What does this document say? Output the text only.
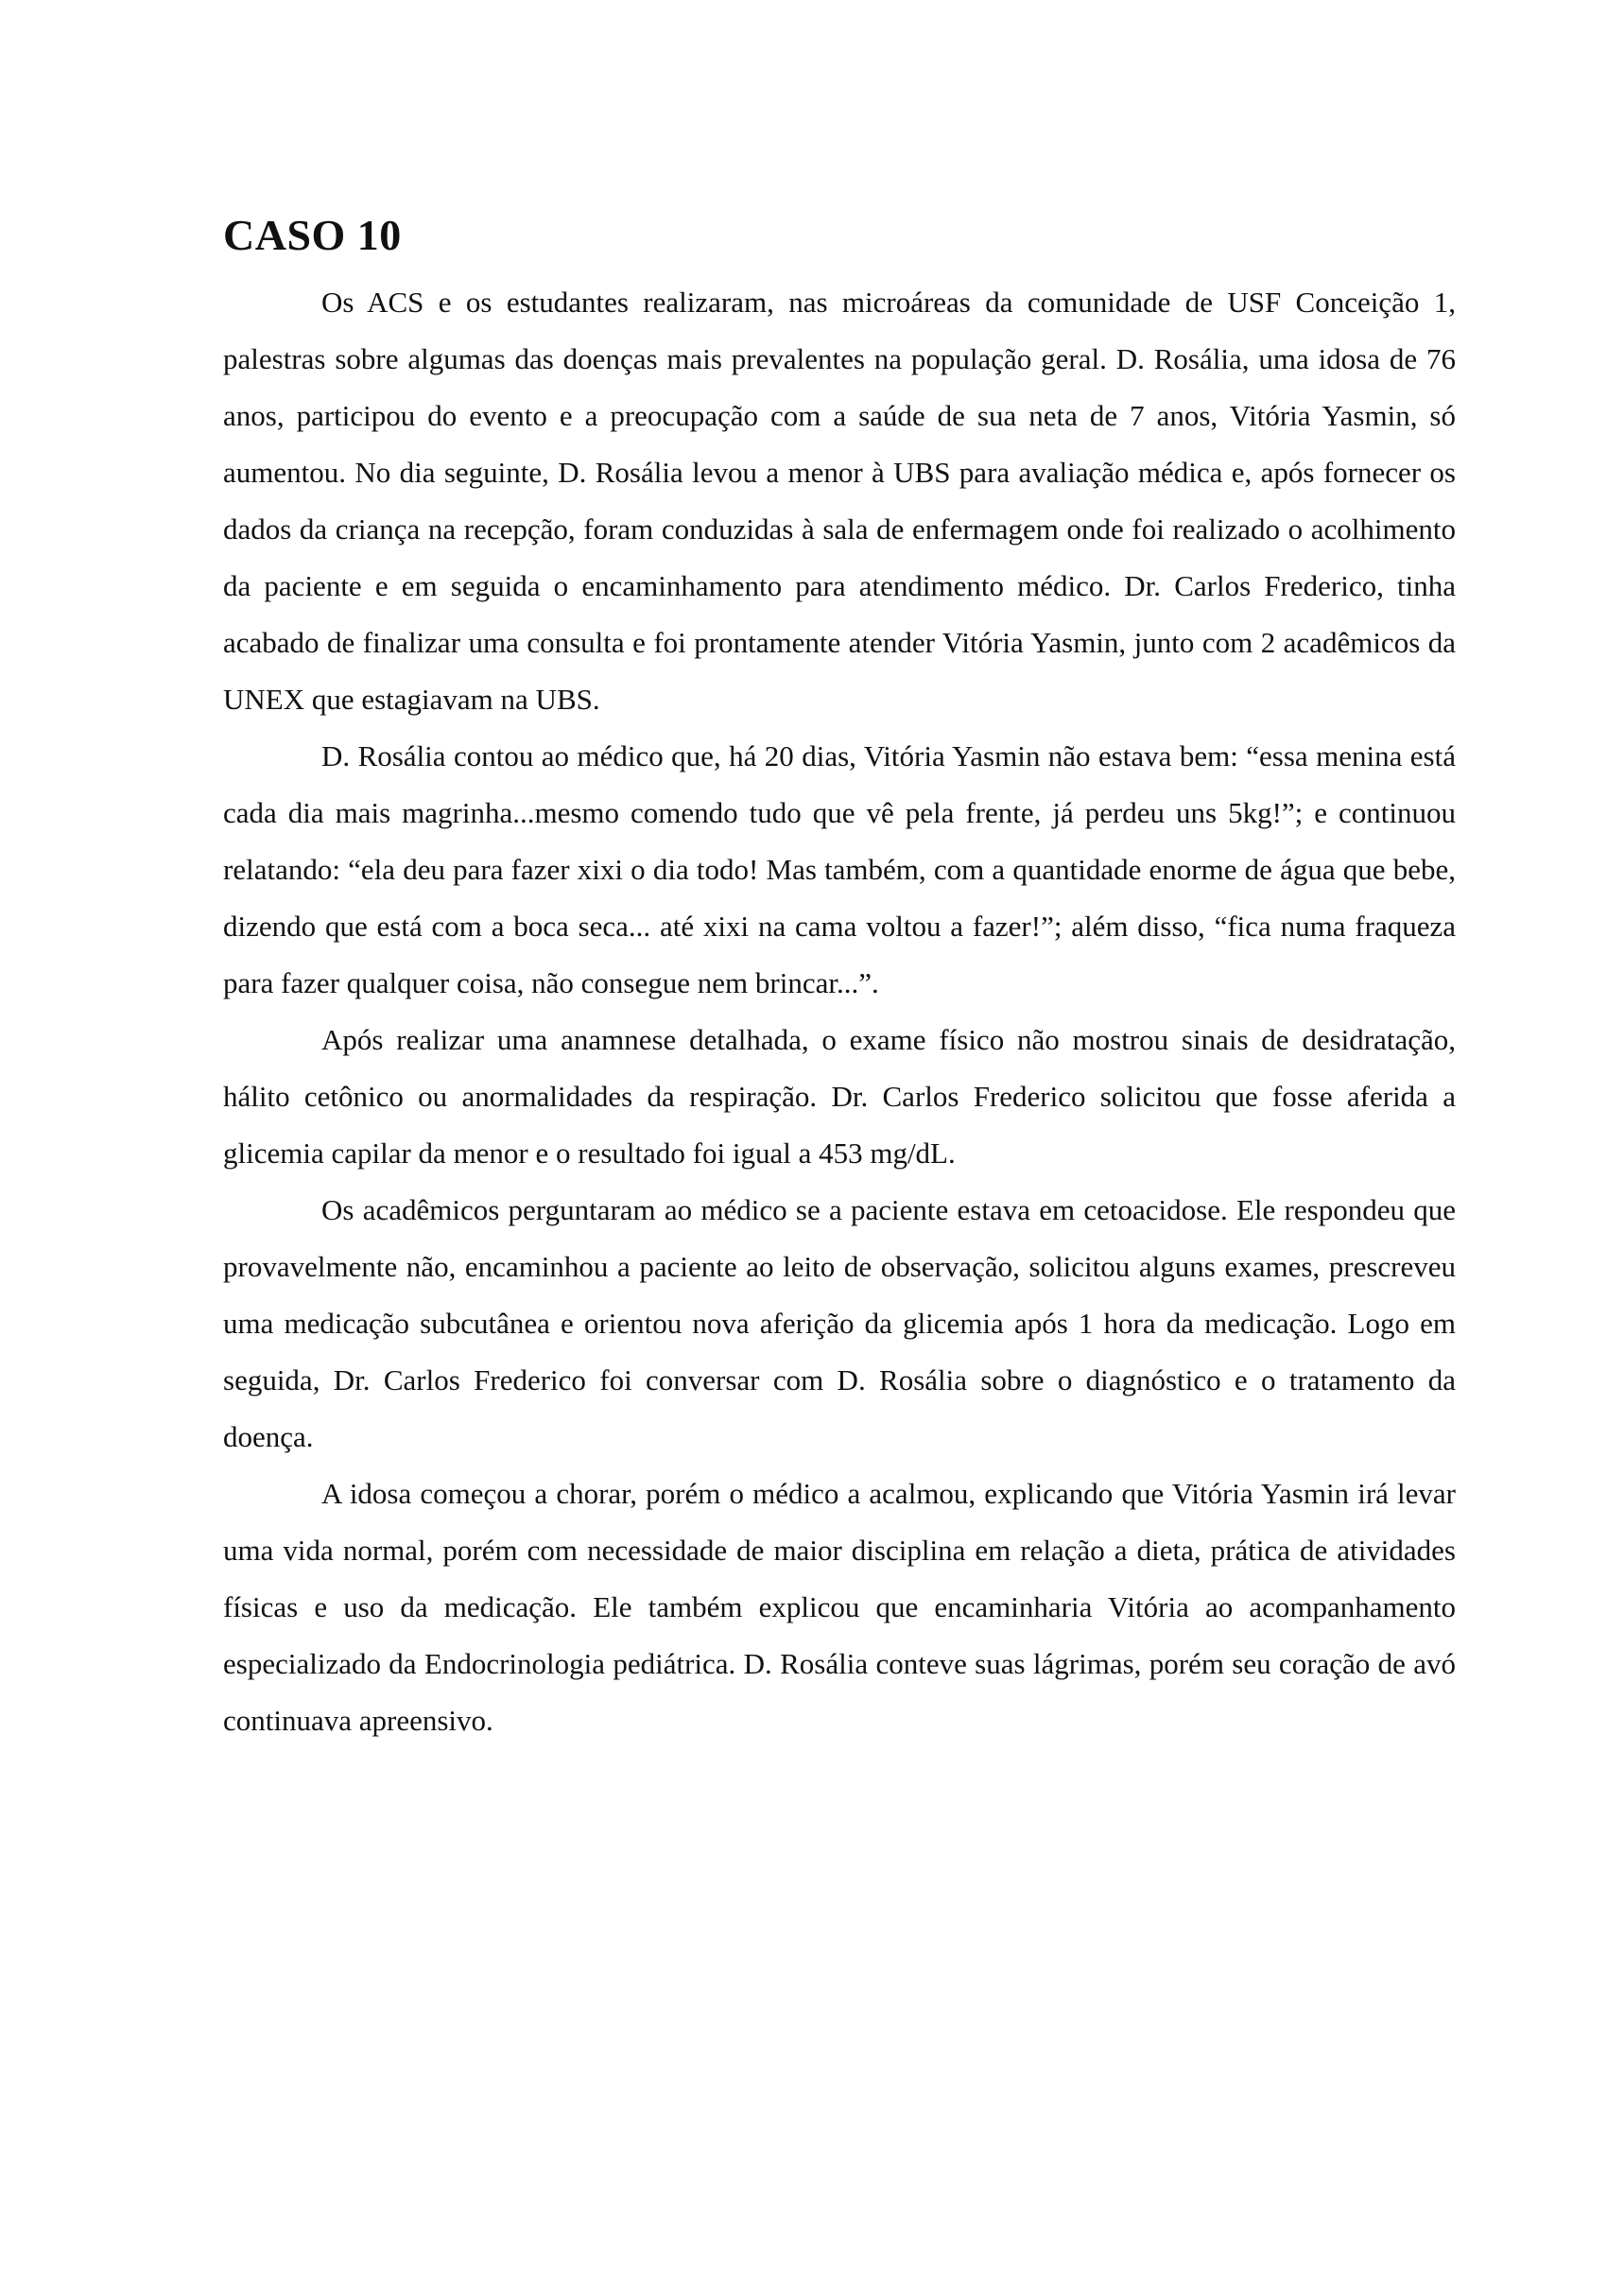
CASO 10

Os ACS e os estudantes realizaram, nas microáreas da comunidade de USF Conceição 1, palestras sobre algumas das doenças mais prevalentes na população geral. D. Rosália, uma idosa de 76 anos, participou do evento e a preocupação com a saúde de sua neta de 7 anos, Vitória Yasmin, só aumentou. No dia seguinte, D. Rosália levou a menor à UBS para avaliação médica e, após fornecer os dados da criança na recepção, foram conduzidas à sala de enfermagem onde foi realizado o acolhimento da paciente e em seguida o encaminhamento para atendimento médico. Dr. Carlos Frederico, tinha acabado de finalizar uma consulta e foi prontamente atender Vitória Yasmin, junto com 2 acadêmicos da UNEX que estagiavam na UBS.

D. Rosália contou ao médico que, há 20 dias, Vitória Yasmin não estava bem: “essa menina está cada dia mais magrinha...mesmo comendo tudo que vê pela frente, já perdeu uns 5kg!”; e continuou relatando: “ela deu para fazer xixi o dia todo! Mas também, com a quantidade enorme de água que bebe, dizendo que está com a boca seca... até xixi na cama voltou a fazer!”; além disso, “fica numa fraqueza para fazer qualquer coisa, não consegue nem brincar...”.

Após realizar uma anamnese detalhada, o exame físico não mostrou sinais de desidratação, hálito cetônico ou anormalidades da respiração. Dr. Carlos Frederico solicitou que fosse aferida a glicemia capilar da menor e o resultado foi igual a 453 mg/dL.

Os acadêmicos perguntaram ao médico se a paciente estava em cetoacidose. Ele respondeu que provavelmente não, encaminhou a paciente ao leito de observação, solicitou alguns exames, prescreveu uma medicação subcutânea e orientou nova aferição da glicemia após 1 hora da medicação. Logo em seguida, Dr. Carlos Frederico foi conversar com D. Rosália sobre o diagnóstico e o tratamento da doença.

A idosa começou a chorar, porém o médico a acalmou, explicando que Vitória Yasmin irá levar uma vida normal, porém com necessidade de maior disciplina em relação a dieta, prática de atividades físicas e uso da medicação. Ele também explicou que encaminharia Vitória ao acompanhamento especializado da Endocrinologia pediátrica. D. Rosália conteve suas lágrimas, porém seu coração de avó continuava apreensivo.
